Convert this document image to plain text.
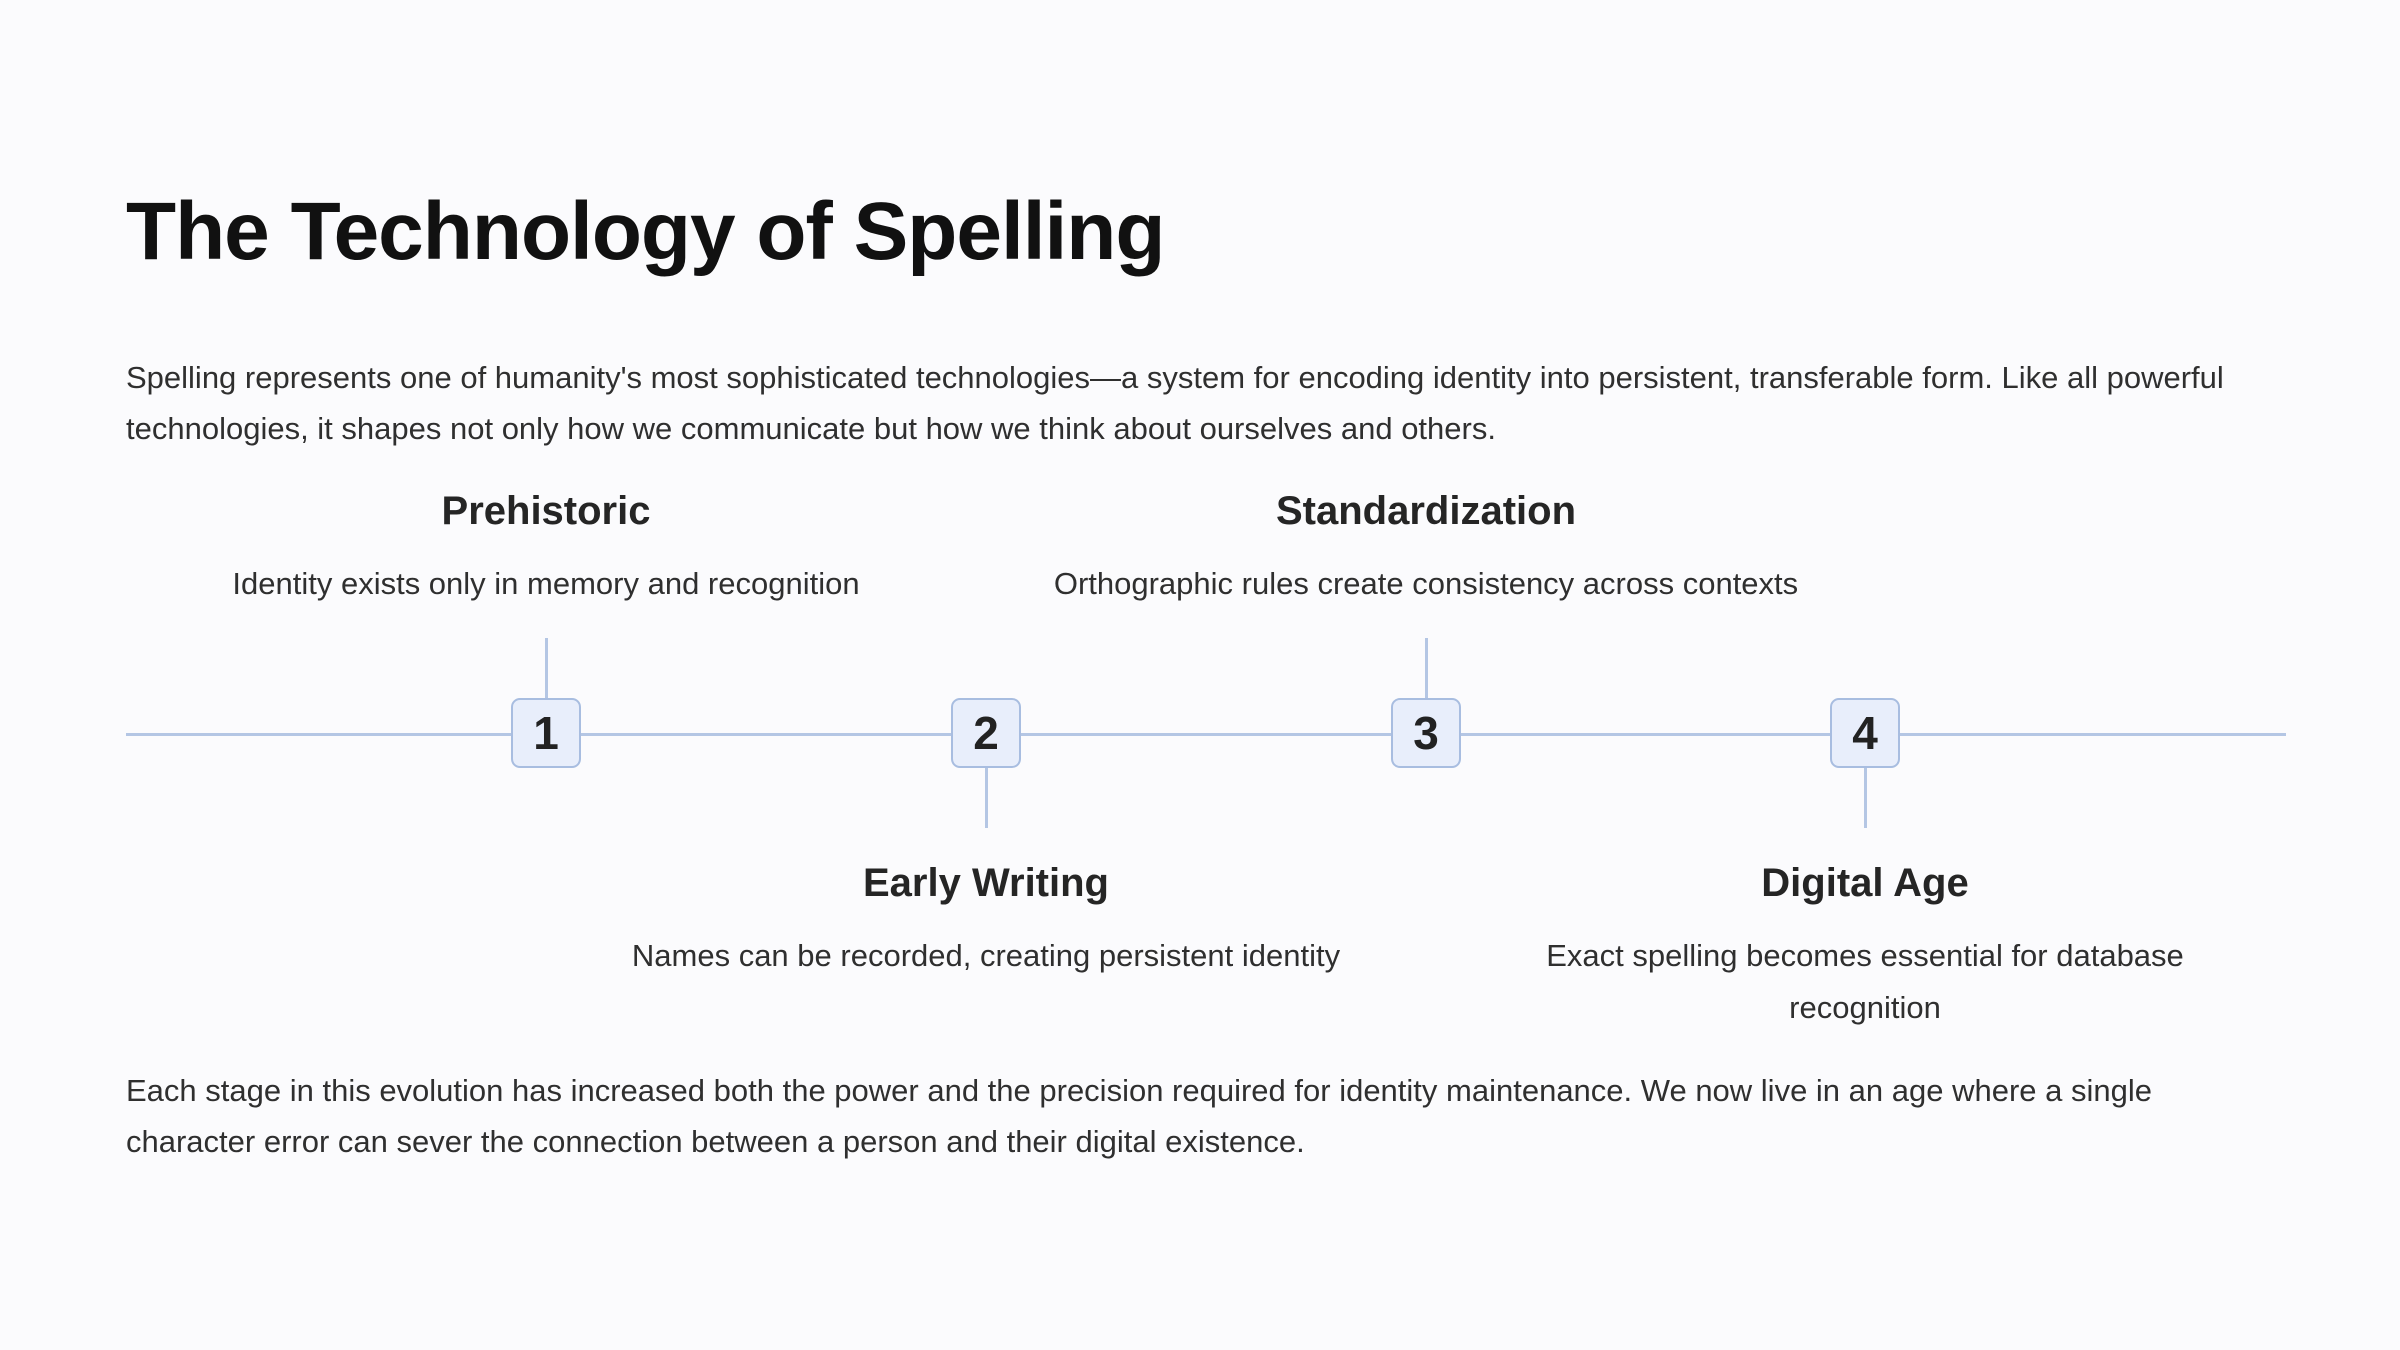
The Technology of Spelling

Spelling represents one of humanity's most sophisticated technologies—a system for encoding identity into persistent, transferable form. Like all powerful technologies, it shapes not only how we communicate but how we think about ourselves and others.

1	2	3	4
Prehistoric

Identity exists only in memory and recognition

Early Writing

Names can be recorded, creating persistent identity

Standardization

Orthographic rules create consistency across contexts

Digital Age

Exact spelling becomes essential for database recognition

Each stage in this evolution has increased both the power and the precision required for identity maintenance. We now live in an age where a single character error can sever the connection between a person and their digital existence.
